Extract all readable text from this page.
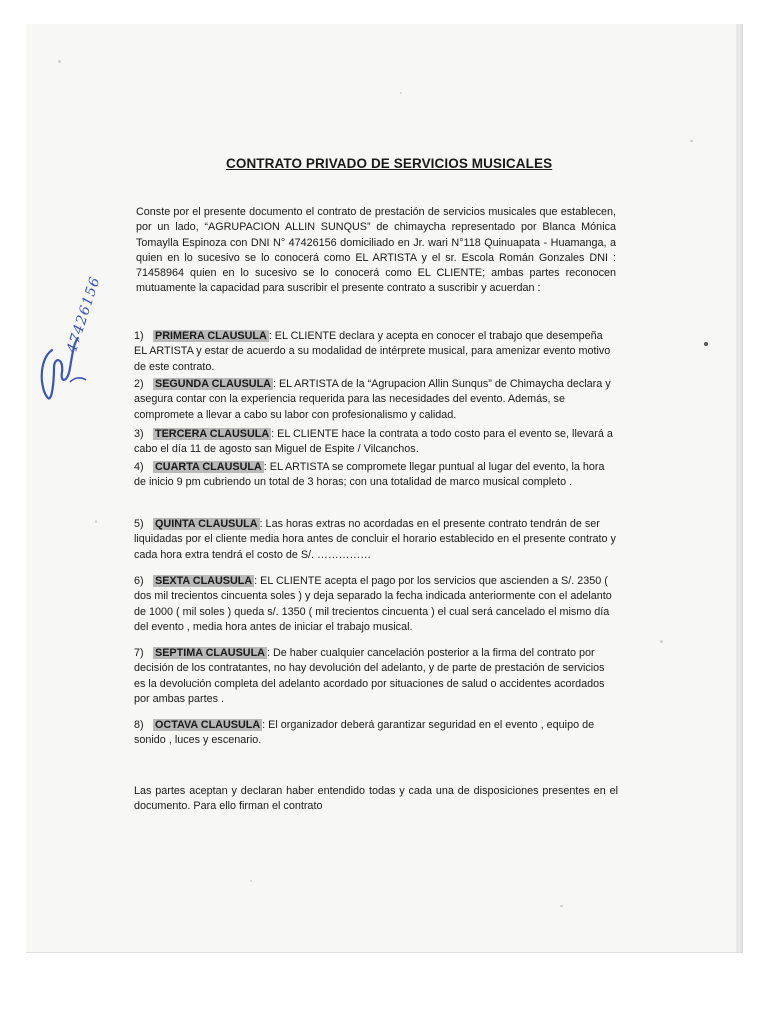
CONTRATO PRIVADO DE SERVICIOS MUSICALES
Conste por el presente documento el contrato de prestación de servicios musicales que establecen, por un lado, “AGRUPACION ALLIN SUNQUS” de chimaycha representado por Blanca Mónica Tomaylla Espinoza con DNI N° 47426156 domiciliado en Jr. wari N°118 Quinuapata - Huamanga, a quien en lo sucesivo se lo conocerá como EL ARTISTA y el sr. Escola Román Gonzales DNI : 71458964 quien en lo sucesivo se lo conocerá como EL CLIENTE; ambas partes reconocen mutuamente la capacidad para suscribir el presente contrato a suscribir y acuerdan :
47426156	1) PRIMERA CLAUSULA : EL CLIENTE declara y acepta en conocer el trabajo que desempeña EL ARTISTA y estar de acuerdo a su modalidad de intérprete musical, para amenizar evento motivo de este contrato.
2) SEGUNDA CLAUSULA : EL ARTISTA de la “Agrupacion Allin Sunqus” de Chimaycha declara y asegura contar con la experiencia requerida para las necesidades del evento. Además, se compromete a llevar a cabo su labor con profesionalismo y calidad.
3) TERCERA CLAUSULA : EL CLIENTE hace la contrata a todo costo para el evento se, llevará a cabo el día 11 de agosto san Miguel de Espite / Vilcanchos.
4) CUARTA CLAUSULA : EL ARTISTA se compromete llegar puntual al lugar del evento, la hora de inicio 9 pm cubriendo un total de 3 horas; con una totalidad de marco musical completo .
5) QUINTA CLAUSULA : Las horas extras no acordadas en el presente contrato tendrán de ser liquidadas por el cliente media hora antes de concluir el horario establecido en el presente contrato y cada hora extra tendrá el costo de S/. ……………
6) SEXTA CLAUSULA : EL CLIENTE acepta el pago por los servicios que ascienden a S/. 2350 ( dos mil trecientos cincuenta soles ) y deja separado la fecha indicada anteriormente con el adelanto de 1000 ( mil soles ) queda s/. 1350 ( mil trecientos cincuenta ) el cual será cancelado el mismo día del evento , media hora antes de iniciar el trabajo musical.
7) SEPTIMA CLAUSULA : De haber cualquier cancelación posterior a la firma del contrato por decisión de los contratantes, no hay devolución del adelanto, y de parte de prestación de servicios es la devolución completa del adelanto acordado por situaciones de salud o accidentes acordados por ambas partes .
8) OCTAVA CLAUSULA : El organizador deberá garantizar seguridad en el evento , equipo de sonido , luces y escenario.
Las partes aceptan y declaran haber entendido todas y cada una de disposiciones presentes en el documento. Para ello firman el contrato
